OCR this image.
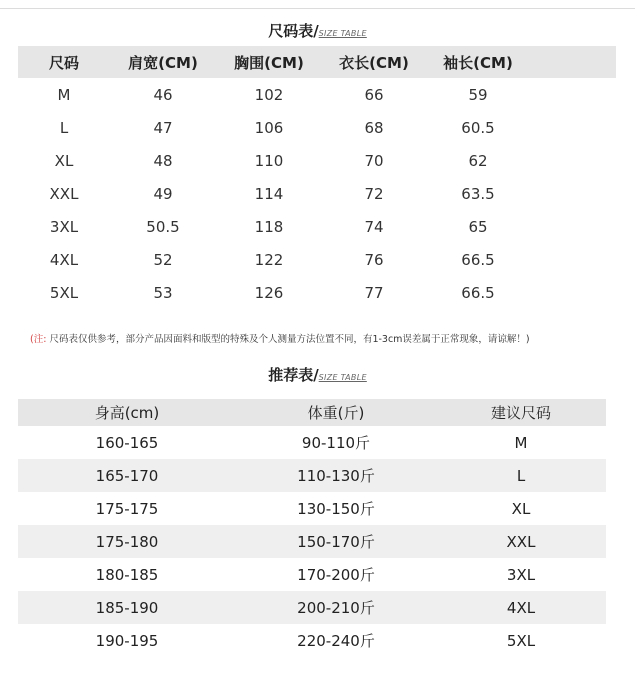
尺码表/SIZE TABLE
尺码	肩宽(CM)	胸围(CM)	衣长(CM)	袖长(CM)
M	46	102	66	59
L	47	106	68	60.5
XL	48	110	70	62
XXL	49	114	72	63.5
3XL	50.5	118	74	65
4XL	52	122	76	66.5
5XL	53	126	77	66.5
(注: 尺码表仅供参考，部分产品因面料和版型的特殊及个人测量方法位置不同，有1-3cm误差属于正常现象，请谅解！)
推荐表/SIZE TABLE
身高(cm)	体重(斤)	建议尺码
160-165	90-110斤	M
165-170	110-130斤	L
175-175	130-150斤	XL
175-180	150-170斤	XXL
180-185	170-200斤	3XL
185-190	200-210斤	4XL
190-195	220-240斤	5XL
